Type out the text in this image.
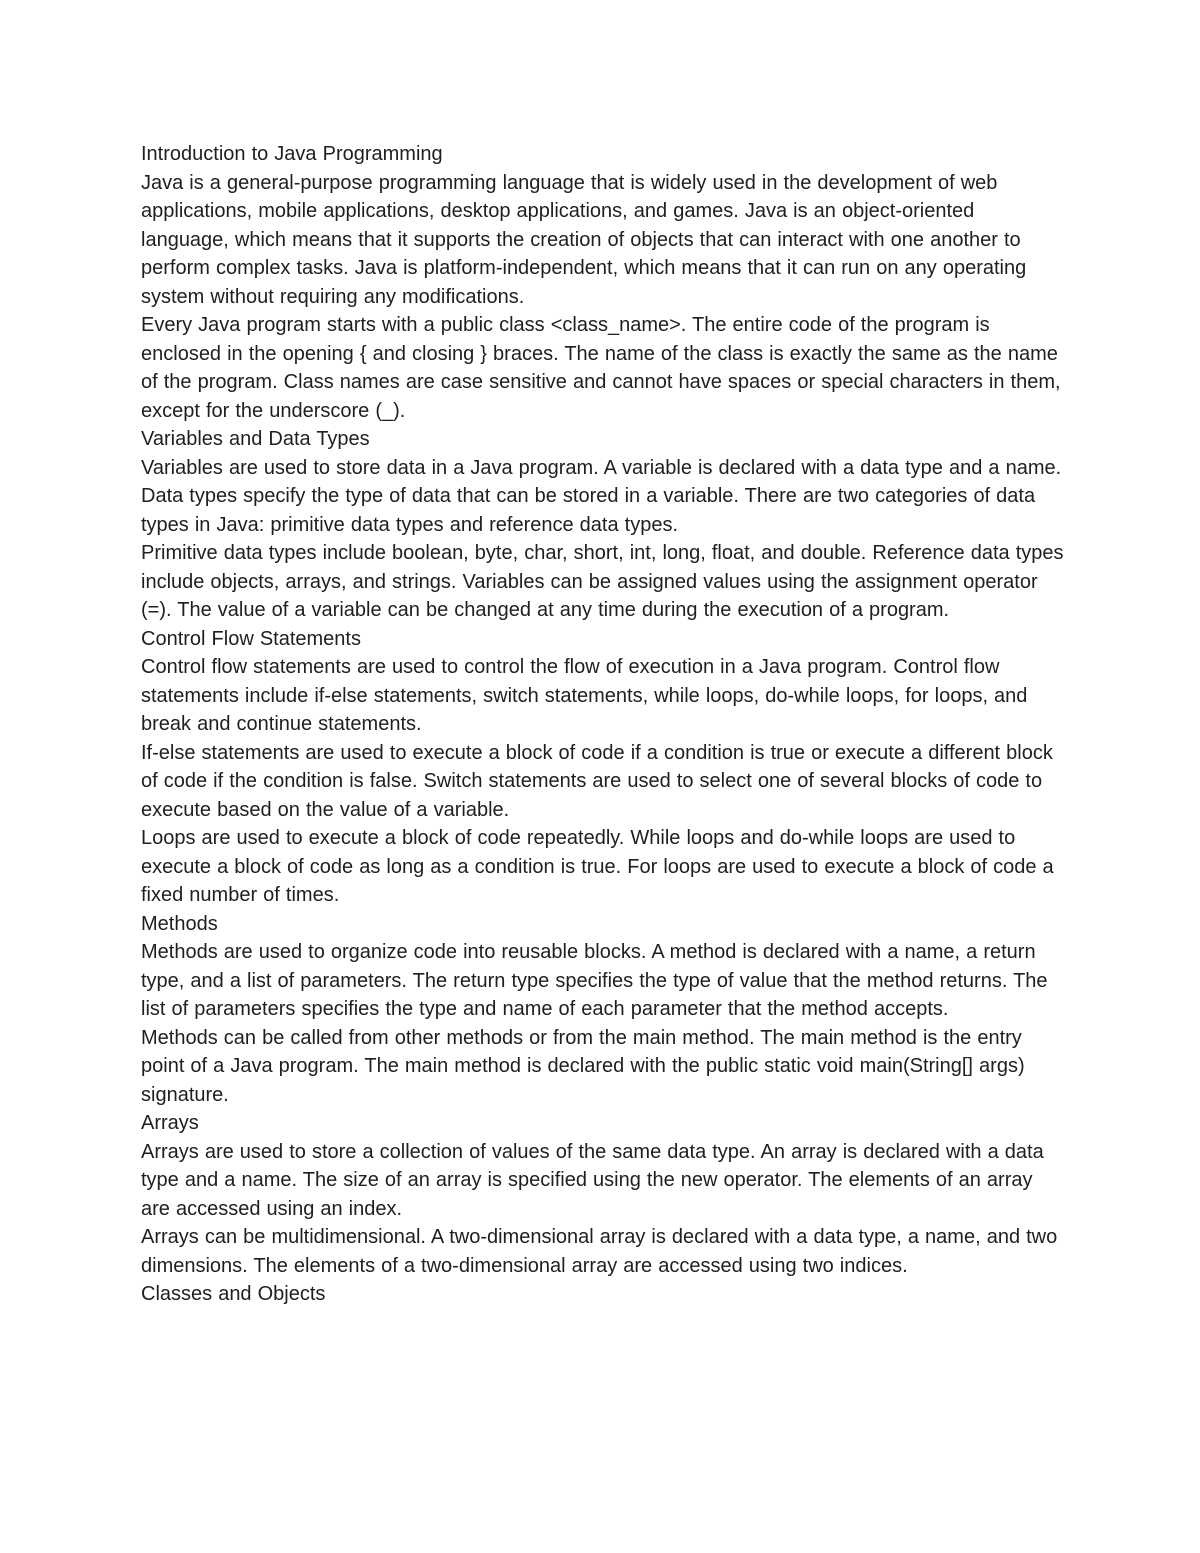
Introduction to Java Programming

Java is a general-purpose programming language that is widely used in the development of web applications, mobile applications, desktop applications, and games. Java is an object-oriented language, which means that it supports the creation of objects that can interact with one another to perform complex tasks. Java is platform-independent, which means that it can run on any operating system without requiring any modifications.

Every Java program starts with a public class <class_name>. The entire code of the program is enclosed in the opening { and closing } braces. The name of the class is exactly the same as the name of the program. Class names are case sensitive and cannot have spaces or special characters in them, except for the underscore (_).

Variables and Data Types

Variables are used to store data in a Java program. A variable is declared with a data type and a name. Data types specify the type of data that can be stored in a variable. There are two categories of data types in Java: primitive data types and reference data types.

Primitive data types include boolean, byte, char, short, int, long, float, and double. Reference data types include objects, arrays, and strings. Variables can be assigned values using the assignment operator (=). The value of a variable can be changed at any time during the execution of a program.

Control Flow Statements

Control flow statements are used to control the flow of execution in a Java program. Control flow statements include if-else statements, switch statements, while loops, do-while loops, for loops, and break and continue statements.

If-else statements are used to execute a block of code if a condition is true or execute a different block of code if the condition is false. Switch statements are used to select one of several blocks of code to execute based on the value of a variable.

Loops are used to execute a block of code repeatedly. While loops and do-while loops are used to execute a block of code as long as a condition is true. For loops are used to execute a block of code a fixed number of times.

Methods

Methods are used to organize code into reusable blocks. A method is declared with a name, a return type, and a list of parameters. The return type specifies the type of value that the method returns. The list of parameters specifies the type and name of each parameter that the method accepts.

Methods can be called from other methods or from the main method. The main method is the entry point of a Java program. The main method is declared with the public static void main(String[] args) signature.

Arrays

Arrays are used to store a collection of values of the same data type. An array is declared with a data type and a name. The size of an array is specified using the new operator. The elements of an array are accessed using an index.

Arrays can be multidimensional. A two-dimensional array is declared with a data type, a name, and two dimensions. The elements of a two-dimensional array are accessed using two indices.

Classes and Objects
